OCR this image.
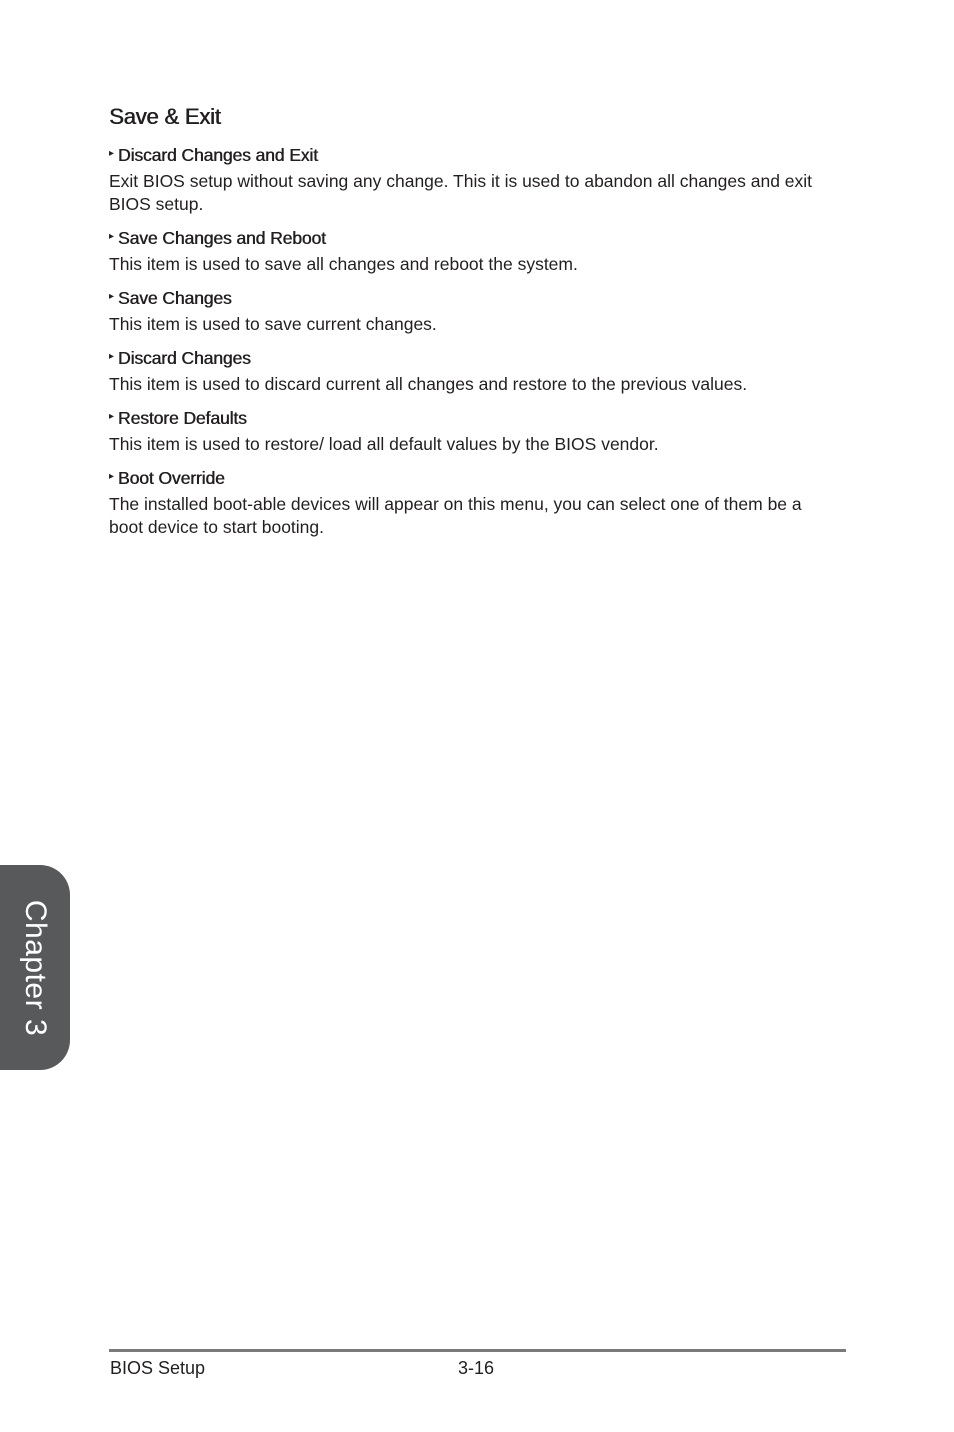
Save & Exit
▸ Discard Changes and Exit
Exit BIOS setup without saving any change. This it is used to abandon all changes and exit BIOS setup.
▸ Save Changes and Reboot
This item is used to save all changes and reboot the system.
▸ Save Changes
This item is used to save current changes.
▸ Discard Changes
This item is used to discard current all changes and restore to the previous values.
▸ Restore Defaults
This item is used to restore/ load all default values by the BIOS vendor.
▸ Boot Override
The installed boot-able devices will appear on this menu, you can select one of them be a boot device to start booting.
Chapter 3
BIOS Setup	3-16
